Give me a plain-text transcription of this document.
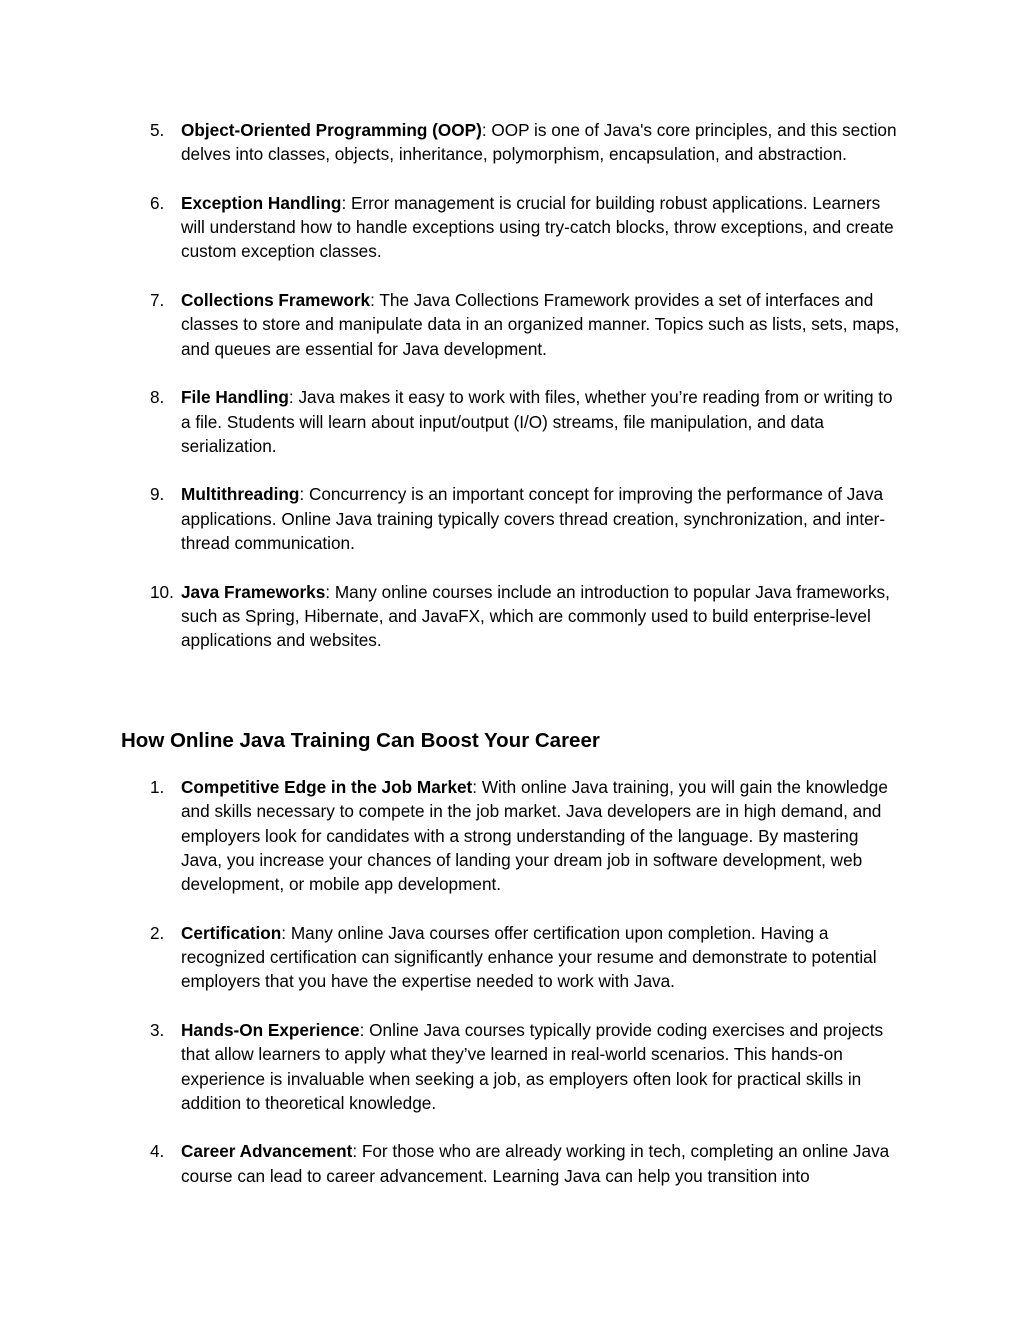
5. Object-Oriented Programming (OOP): OOP is one of Java's core principles, and this section delves into classes, objects, inheritance, polymorphism, encapsulation, and abstraction.
6. Exception Handling: Error management is crucial for building robust applications. Learners will understand how to handle exceptions using try-catch blocks, throw exceptions, and create custom exception classes.
7. Collections Framework: The Java Collections Framework provides a set of interfaces and classes to store and manipulate data in an organized manner. Topics such as lists, sets, maps, and queues are essential for Java development.
8. File Handling: Java makes it easy to work with files, whether you’re reading from or writing to a file. Students will learn about input/output (I/O) streams, file manipulation, and data serialization.
9. Multithreading: Concurrency is an important concept for improving the performance of Java applications. Online Java training typically covers thread creation, synchronization, and inter-thread communication.
10. Java Frameworks: Many online courses include an introduction to popular Java frameworks, such as Spring, Hibernate, and JavaFX, which are commonly used to build enterprise-level applications and websites.
How Online Java Training Can Boost Your Career
1. Competitive Edge in the Job Market: With online Java training, you will gain the knowledge and skills necessary to compete in the job market. Java developers are in high demand, and employers look for candidates with a strong understanding of the language. By mastering Java, you increase your chances of landing your dream job in software development, web development, or mobile app development.
2. Certification: Many online Java courses offer certification upon completion. Having a recognized certification can significantly enhance your resume and demonstrate to potential employers that you have the expertise needed to work with Java.
3. Hands-On Experience: Online Java courses typically provide coding exercises and projects that allow learners to apply what they’ve learned in real-world scenarios. This hands-on experience is invaluable when seeking a job, as employers often look for practical skills in addition to theoretical knowledge.
4. Career Advancement: For those who are already working in tech, completing an online Java course can lead to career advancement. Learning Java can help you transition into
